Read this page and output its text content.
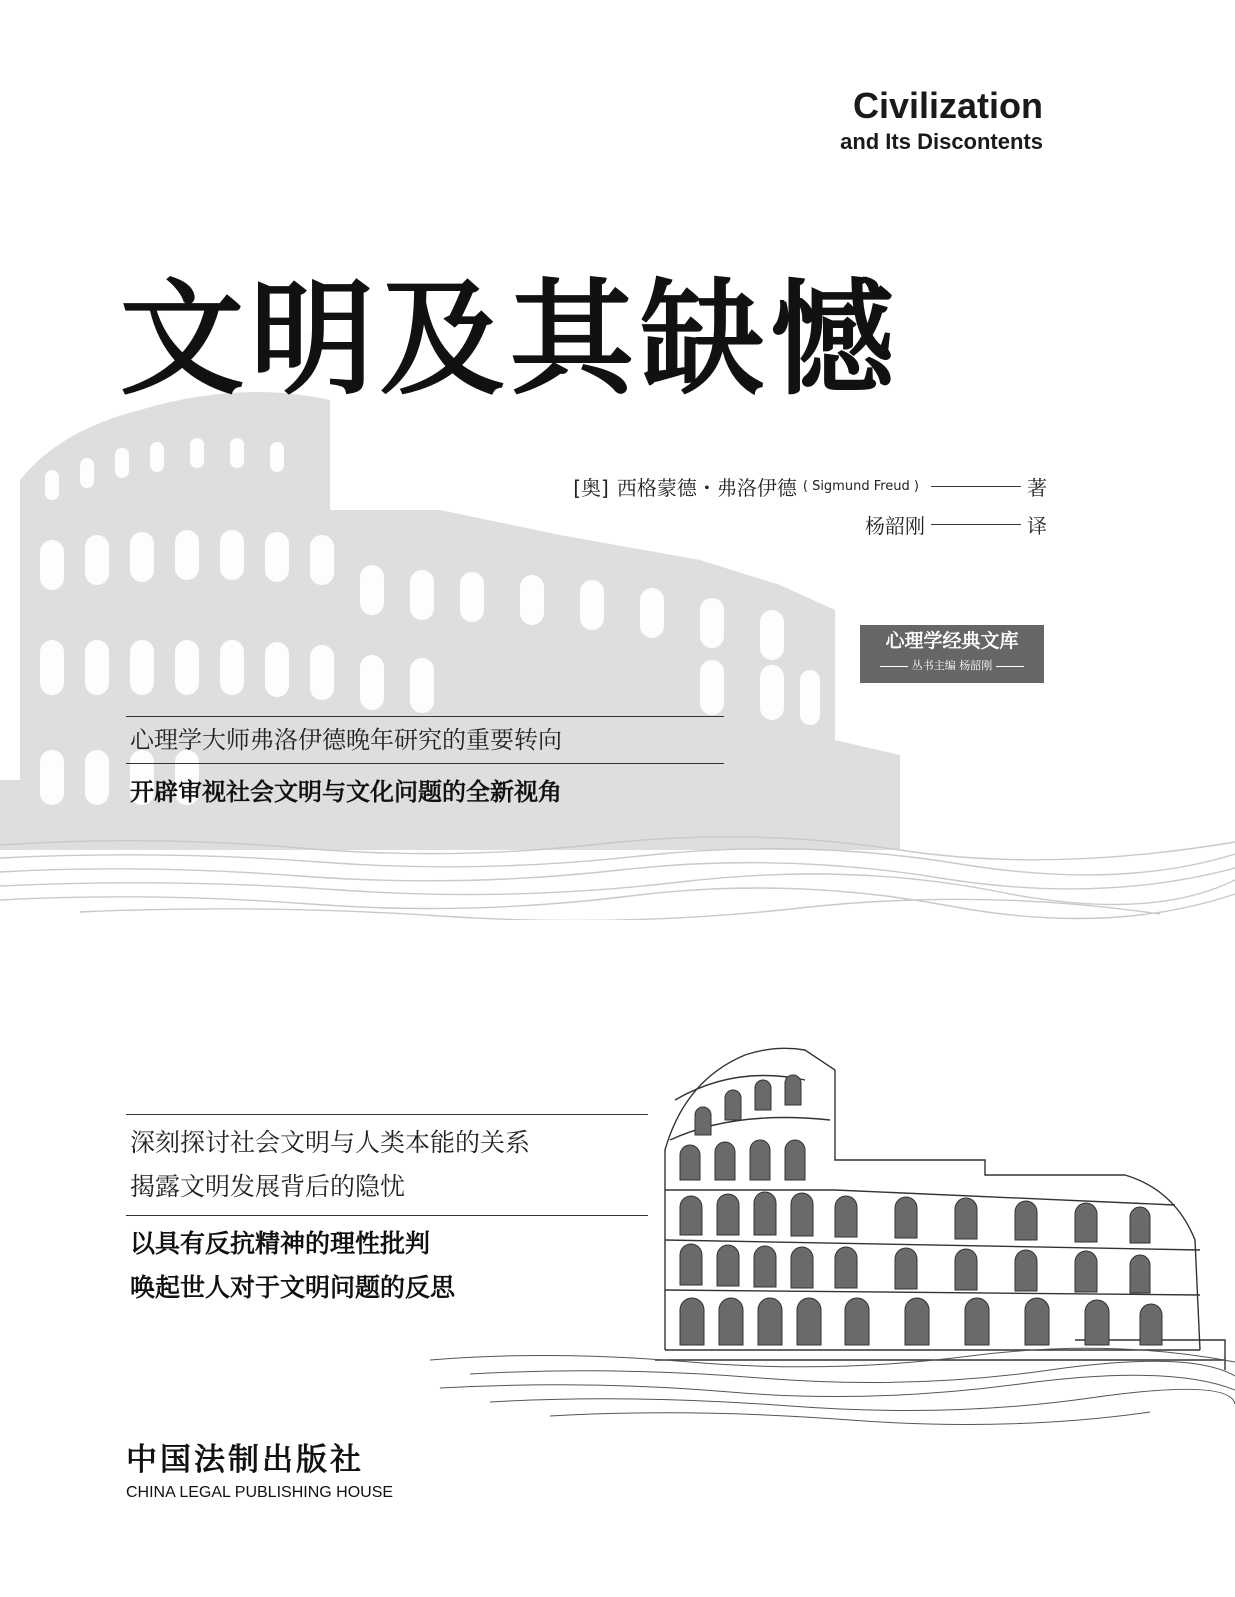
Civilization
and Its Discontents
文明及其缺憾
[奥] 西格蒙德・弗洛伊德 ( Sigmund Freud )	著
杨韶刚	译
心理学经典文库
丛书主编 杨韶刚
心理学大师弗洛伊德晚年研究的重要转向
开辟审视社会文明与文化问题的全新视角
深刻探讨社会文明与人类本能的关系
揭露文明发展背后的隐忧
以具有反抗精神的理性批判
唤起世人对于文明问题的反思
中国法制出版社
CHINA LEGAL PUBLISHING HOUSE
